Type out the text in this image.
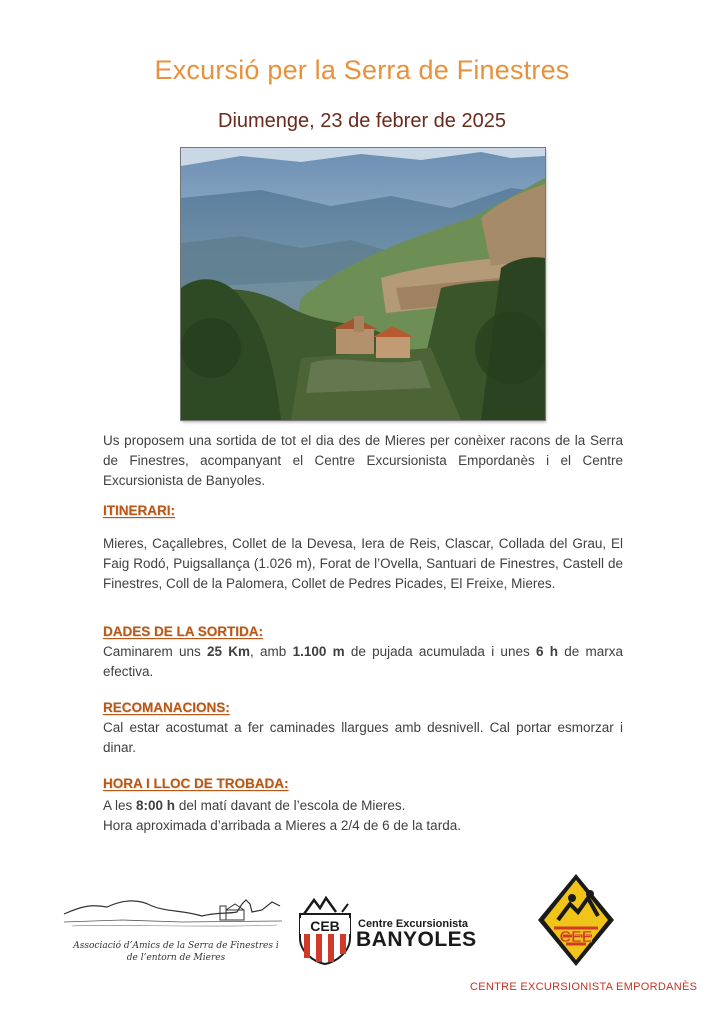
Excursió per la Serra de Finestres
Diumenge, 23 de febrer de 2025
Us proposem una sortida de tot el dia des de Mieres per conèixer racons de la Serra de Finestres, acompanyant el Centre Excursionista Empordanès i el Centre Excursionista de Banyoles.
ITINERARI:
Mieres, Caçallebres, Collet de la Devesa, Iera de Reis, Clascar, Collada del Grau, El Faig Rodó, Puigsallança (1.026 m), Forat de l’Ovella, Santuari de Finestres, Castell de Finestres, Coll de la Palomera, Collet de Pedres Picades, El Freixe, Mieres.
DADES DE LA SORTIDA:
Caminarem uns 25 Km, amb 1.100 m de pujada acumulada i unes 6 h de marxa efectiva.
RECOMANACIONS:
Cal estar acostumat a fer caminades llargues amb desnivell. Cal portar esmorzar i dinar.
HORA I LLOC DE TROBADA:
A les 8:00 h del matí davant de l’escola de Mieres.
Hora aproximada d’arribada a Mieres a 2/4 de 6 de la tarda.
Associació d’Amics de la Serra de Finestres i
de l’entorn de Mieres
CEB Centre Excursionista
BANYOLES	CEE
CENTRE EXCURSIONISTA EMPORDANÈS
